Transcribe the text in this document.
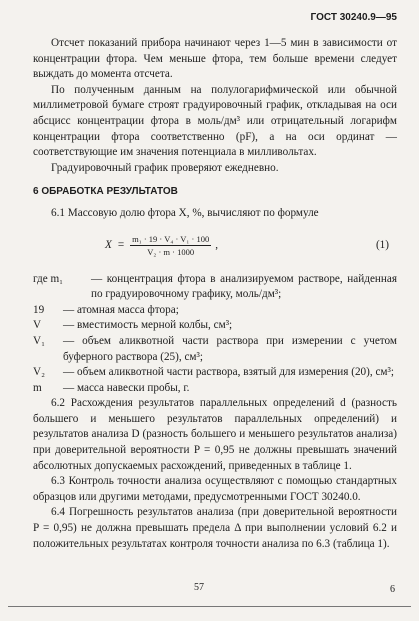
ГОСТ 30240.9—95

Отсчет показаний прибора начинают через 1—5 мин в зависимости от концентрации фтора. Чем меньше фтора, тем больше времени следует выждать до момента отсчета.

По полученным данным на полулогарифмической или обычной миллиметровой бумаге строят градуировочный график, откладывая на оси абсцисс концентрации фтора в моль/дм³ или отрицательный логарифм концентрации фтора соответственно (pF), а на оси ординат — соответствующие им значения потенциала в милливольтах.

Градуировочный график проверяют ежедневно.

6 ОБРАБОТКА РЕЗУЛЬТАТОВ

6.1 Массовую долю фтора X, %, вычисляют по формуле

$X = \frac{\text{m₁ · 19 · V₄ · V₁ · 100}}{\text{V₂ · m · 1000}}$ ,	(1)
где m₁	— концентрация фтора в анализируемом растворе, найденная по градуировочному графику, моль/дм³;
19	— атомная масса фтора;
V	— вместимость мерной колбы, см³;
V₁	— объем аликвотной части раствора при измерении с учетом буферного раствора (25), см³;
V₂	— объем аликвотной части раствора, взятый для измерения (20), см³;
m	— масса навески пробы, г.

6.2 Расхождения результатов параллельных определений d (разность большего и меньшего результатов параллельных определений) и результатов анализа D (разность большего и меньшего результатов анализа) при доверительной вероятности P = 0,95 не должны превышать значений абсолютных допускаемых расхождений, приведенных в таблице 1.

6.3 Контроль точности анализа осуществляют с помощью стандартных образцов или другими методами, предусмотренными ГОСТ 30240.0.

6.4 Погрешность результатов анализа (при доверительной вероятности P = 0,95) не должна превышать предела Δ при выполнении условий 6.2 и положительных результатах контроля точности анализа по 6.3 (таблица 1).

57	6
